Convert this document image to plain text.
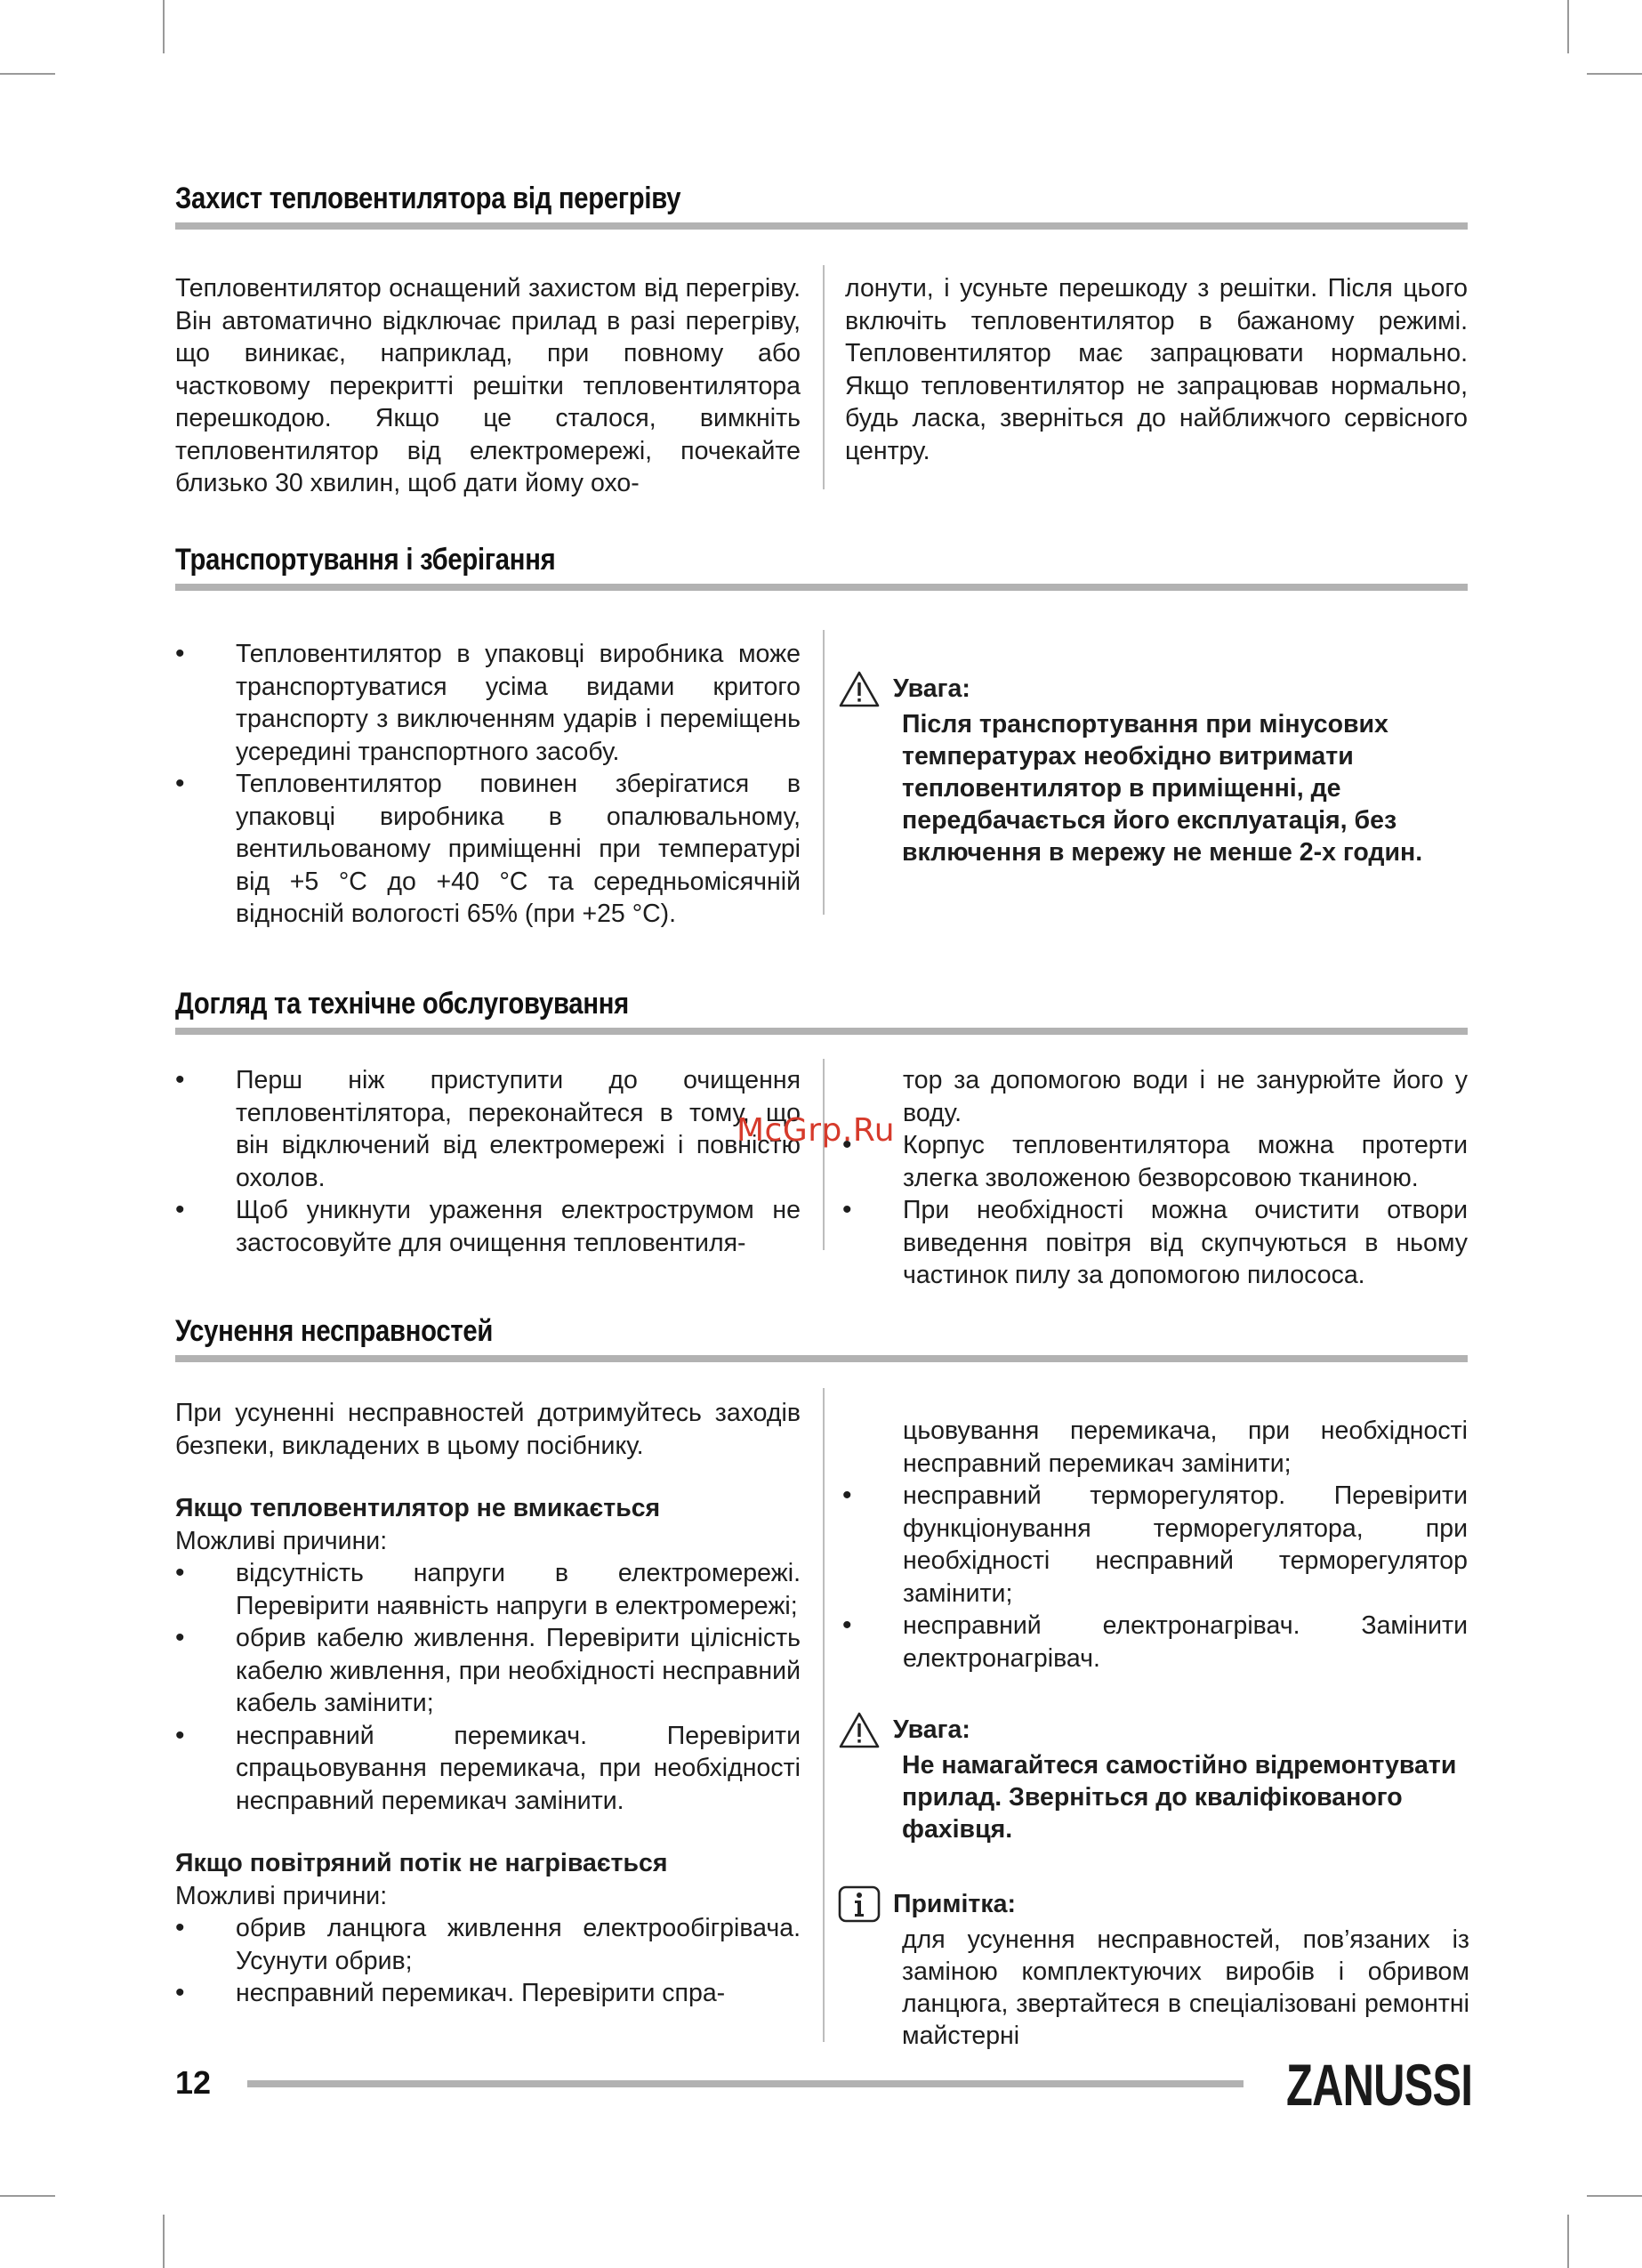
Захист тепловентилятора від перегріву
Тепловентилятор оснащений захистом від перегріву. Він автоматично відключає прилад в разі перегріву, що виникає, наприклад, при повному або частковому перекритті решітки тепловентилятора перешкодою. Якщо це сталося, вимкніть тепловентилятор від електромережі, почекайте близько 30 хвилин, щоб дати йому охо-
лонути, і усуньте перешкоду з решітки. Після цього включіть тепловентилятор в бажаному режимі. Тепловентилятор має запрацювати нормально. Якщо тепловентилятор не запрацював нормально, будь ласка, зверніться до найближчого сервісного центру.
Транспортування і зберігання
• Тепловентилятор в упаковці виробника може транспортуватися усіма видами критого транспорту з виключенням ударів і переміщень усередині транспортного засобу.
• Тепловентилятор повинен зберігатися в упаковці виробника в опалювальному, вентильованому приміщенні при температурі від +5 °C до +40 °C та середньомісячній відносній вологості 65% (при +25 °C).
Увага:
Після транспортування при мінусових температурах необхідно витримати тепловентилятор в приміщенні, де передбачається його експлуатація, без включення в мережу не менше 2-х годин.
Догляд та технічне обслуговування
• Перш ніж приступити до очищення тепловентілятора, переконайтеся в тому, що він відключений від електромережі і повністю охолов.
• Щоб уникнути ураження електрострумом не застосовуйте для очищення тепловентиля-

тор за допомогою води і не занурюйте його у воду.

• Корпус тепловентилятора можна протерти злегка зволоженою безворсовою тканиною.
• При необхідності можна очистити отвори виведення повітря від скупчуються в ньому частинок пилу за допомогою пилососа.
McGrp.Ru
Усунення несправностей

При усуненні несправностей дотримуйтесь заходів безпеки, викладених в цьому посібнику.

Якщо тепловентилятор не вмикається

Можливі причини:

• відсутність напруги в електромережі. Перевірити наявність напруги в електромережі;
• обрив кабелю живлення. Перевірити цілісність кабелю живлення, при необхідності несправний кабель замінити;
• несправний перемикач. Перевірити спрацьовування перемикача, при необхідності несправний перемикач замінити.

Якщо повітряний потік не нагрівається

Можливі причини:

• обрив ланцюга живлення електрообігрівача. Усунути обрив;
• несправний перемикач. Перевірити спра-

цьовування перемикача, при необхідності несправний перемикач замінити;

• несправний терморегулятор. Перевірити функціонування терморегулятора, при необхідності несправний терморегулятор замінити;
• несправний електронагрівач. Замінити електронагрівач.
Увага:
Не намагайтеся самостійно відремонтувати прилад. Зверніться до кваліфікованого фахівця.
Примітка:
для усунення несправностей, пов’язаних із заміною комплектуючих виробів і обривом ланцюга, звертайтеся в спеціалізовані ремонтні майстерні
12	ZANUSSI
